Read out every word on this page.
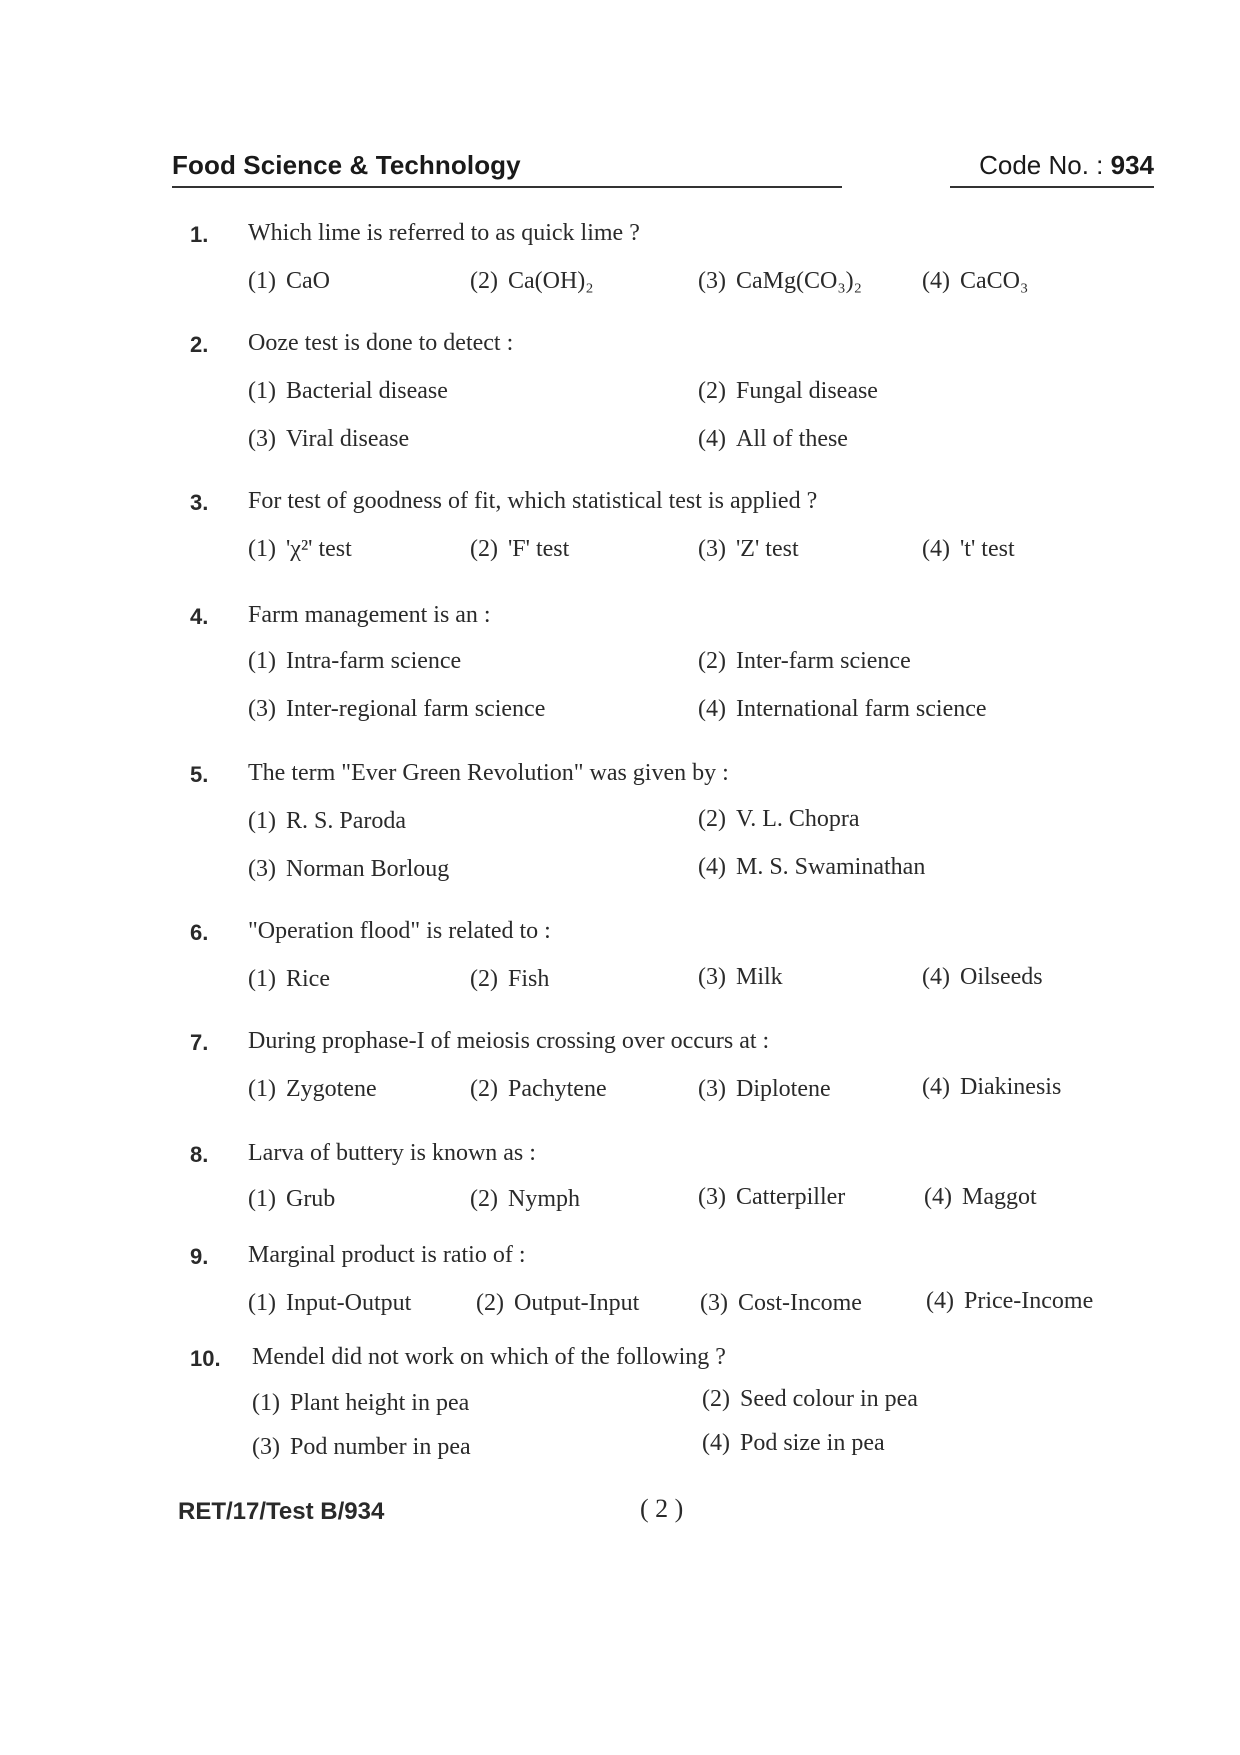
Food Science & Technology	Code No. : 934
1.	Which lime is referred to as quick lime ?
(1) CaO	(2) Ca(OH)₂	(3) CaMg(CO₃)₂ (4) CaCO₃
2.	Ooze test is done to detect :
(1) Bacterial disease	(2) Fungal disease
(3) Viral disease	(4) All of these
3.	For test of goodness of fit, which statistical test is applied ?
(1) 'χ²' test	(2) 'F' test	(3) 'Z' test	(4) 't' test
4.	Farm management is an :
(1) Intra-farm science	(2) Inter-farm science
(3) Inter-regional farm science	(4) International farm science
5.	The term "Ever Green Revolution" was given by :
(1) R. S. Paroda	(2) V. L. Chopra
(3) Norman Borloug	(4) M. S. Swaminathan
6.	"Operation flood" is related to :
(1) Rice	(2) Fish	(3) Milk	(4) Oilseeds
7.	During prophase-I of meiosis crossing over occurs at :
(1) Zygotene	(2) Pachytene	(3) Diplotene	(4) Diakinesis
8.	Larva of buttery is known as :
(1) Grub	(2) Nymph	(3) Catterpiller	(4) Maggot
9.	Marginal product is ratio of :
(1) Input-Output	(2) Output-Input	(3) Cost-Income	(4) Price-Income
10.	Mendel did not work on which of the following ?
(1) Plant height in pea	(2) Seed colour in pea
(3) Pod number in pea	(4) Pod size in pea
RET/17/Test B/934	( 2 )
